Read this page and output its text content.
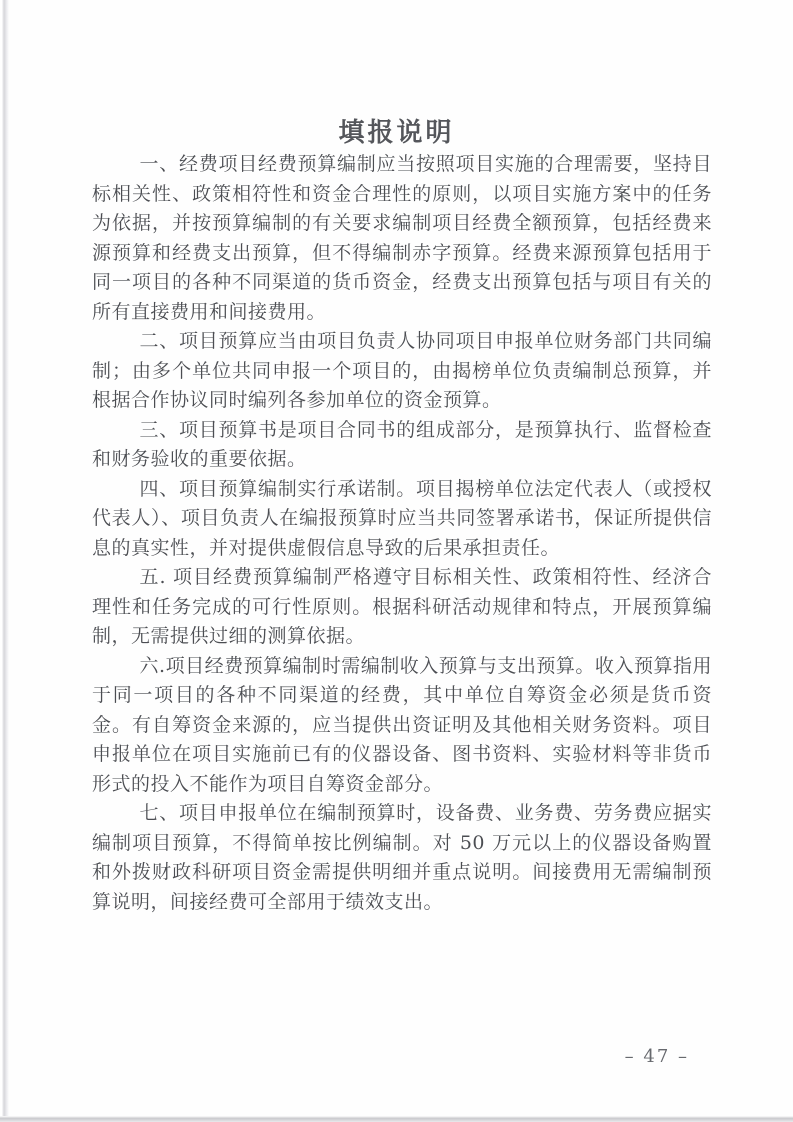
填报说明

一、经费项目经费预算编制应当按照项目实施的合理需要，坚持目标相关性、政策相符性和资金合理性的原则，以项目实施方案中的任务为依据，并按预算编制的有关要求编制项目经费全额预算，包括经费来源预算和经费支出预算，但不得编制赤字预算。经费来源预算包括用于同一项目的各种不同渠道的货币资金，经费支出预算包括与项目有关的所有直接费用和间接费用。

二、项目预算应当由项目负责人协同项目申报单位财务部门共同编制；由多个单位共同申报一个项目的，由揭榜单位负责编制总预算，并根据合作协议同时编列各参加单位的资金预算。

三、项目预算书是项目合同书的组成部分，是预算执行、监督检查和财务验收的重要依据。

四、项目预算编制实行承诺制。项目揭榜单位法定代表人（或授权代表人）、项目负责人在编报预算时应当共同签署承诺书，保证所提供信息的真实性，并对提供虚假信息导致的后果承担责任。

五. 项目经费预算编制严格遵守目标相关性、政策相符性、经济合理性和任务完成的可行性原则。根据科研活动规律和特点，开展预算编制，无需提供过细的测算依据。

六.项目经费预算编制时需编制收入预算与支出预算。收入预算指用于同一项目的各种不同渠道的经费，其中单位自筹资金必须是货币资金。有自筹资金来源的，应当提供出资证明及其他相关财务资料。项目申报单位在项目实施前已有的仪器设备、图书资料、实验材料等非货币形式的投入不能作为项目自筹资金部分。

七、项目申报单位在编制预算时，设备费、业务费、劳务费应据实编制项目预算，不得简单按比例编制。对 50 万元以上的仪器设备购置和外拨财政科研项目资金需提供明细并重点说明。间接费用无需编制预算说明，间接经费可全部用于绩效支出。

– 47 –
